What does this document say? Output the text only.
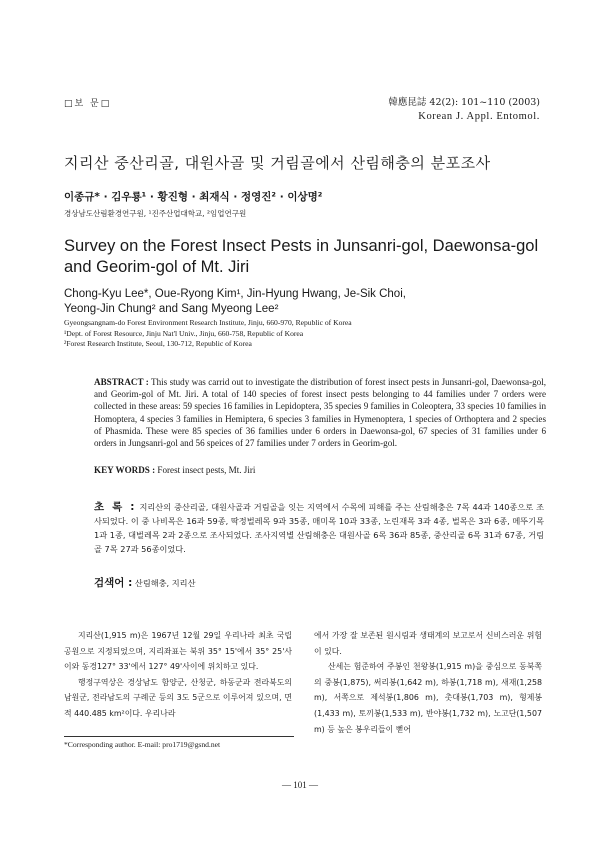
□보 문□	韓應昆誌 42(2): 101~110 (2003)
Korean J. Appl. Entomol.
지리산 중산리골, 대원사골 및 거림골에서 산림해충의 분포조사
이종규* · 김우룡¹ · 황진형 · 최재식 · 정영진² · 이상명²
경상남도산림환경연구원, ¹진주산업대학교, ²임업연구원
Survey on the Forest Insect Pests in Junsanri-gol, Daewonsa-gol and Georim-gol of Mt. Jiri
Chong-Kyu Lee*, Oue-Ryong Kim¹, Jin-Hyung Hwang, Je-Sik Choi,
Yeong-Jin Chung² and Sang Myeong Lee²
Gyeongsangnam-do Forest Environment Research Institute, Jinju, 660-970, Republic of Korea
¹Dept. of Forest Resource, Jinju Nat'l Univ., Jinju, 660-758, Republic of Korea
²Forest Research Institute, Seoul, 130-712, Republic of Korea
ABSTRACT : This study was carrid out to investigate the distribution of forest insect pests in Junsanri-gol, Daewonsa-gol, and Georim-gol of Mt. Jiri. A total of 140 species of forest insect pests belonging to 44 families under 7 orders were collected in these areas: 59 species 16 families in Lepidoptera, 35 species 9 families in Coleoptera, 33 species 10 families in Homoptera, 4 species 3 families in Hemiptera, 6 species 3 families in Hymenoptera, 1 species of Orthoptera and 2 species of Phasmida. These were 85 species of 36 families under 6 orders in Daewonsa-gol, 67 species of 31 families under 6 orders in Jungsanri-gol and 56 speices of 27 families under 7 orders in Georim-gol.
KEY WORDS : Forest insect pests, Mt. Jiri
초 록 : 지리산의 중산리골, 대원사골과 거림골을 잇는 지역에서 수목에 피해를 주는 산림해충은 7목 44과 140종으로 조사되었다. 이 중 나비목은 16과 59종, 딱정벌레목 9과 35종, 매미목 10과 33종, 노린재목 3과 4종, 벌목은 3과 6종, 메뚜기목 1과 1종, 대벌레목 2과 2종으로 조사되었다. 조사지역별 산림해충은 대원사골 6목 36과 85종, 중산리골 6목 31과 67종, 거림골 7목 27과 56종이었다.
검색어 : 산림해충, 지리산

지리산(1,915 m)은 1967년 12월 29일 우리나라 최초 국립공원으로 지정되었으며, 지리좌표는 북위 35° 15'에서 35° 25'사이와 동경127° 33'에서 127° 49'사이에 위치하고 있다.

행정구역상은 경상남도 함양군, 산청군, 하동군과 전라북도의 남원군, 전라남도의 구례군 등의 3도 5군으로 이루어져 있으며, 면적 440.485 km²이다. 우리나라

에서 가장 잘 보존된 원시림과 생태계의 보고로서 신비스러운 위험이 있다.

산세는 험준하여 주봉인 천왕봉(1,915 m)을 중심으로 동북쪽의 중봉(1,875), 써리봉(1,642 m), 하봉(1,718 m), 새재(1,258 m), 서쪽으로 제석봉(1,806 m), 촛대봉(1,703 m), 형제봉(1,433 m), 토끼봉(1,533 m), 반야봉(1,732 m), 노고단(1,507 m) 등 높은 봉우리들이 뻗어

*Corresponding author. E-mail: pro1719@gsnd.net
— 101 —
